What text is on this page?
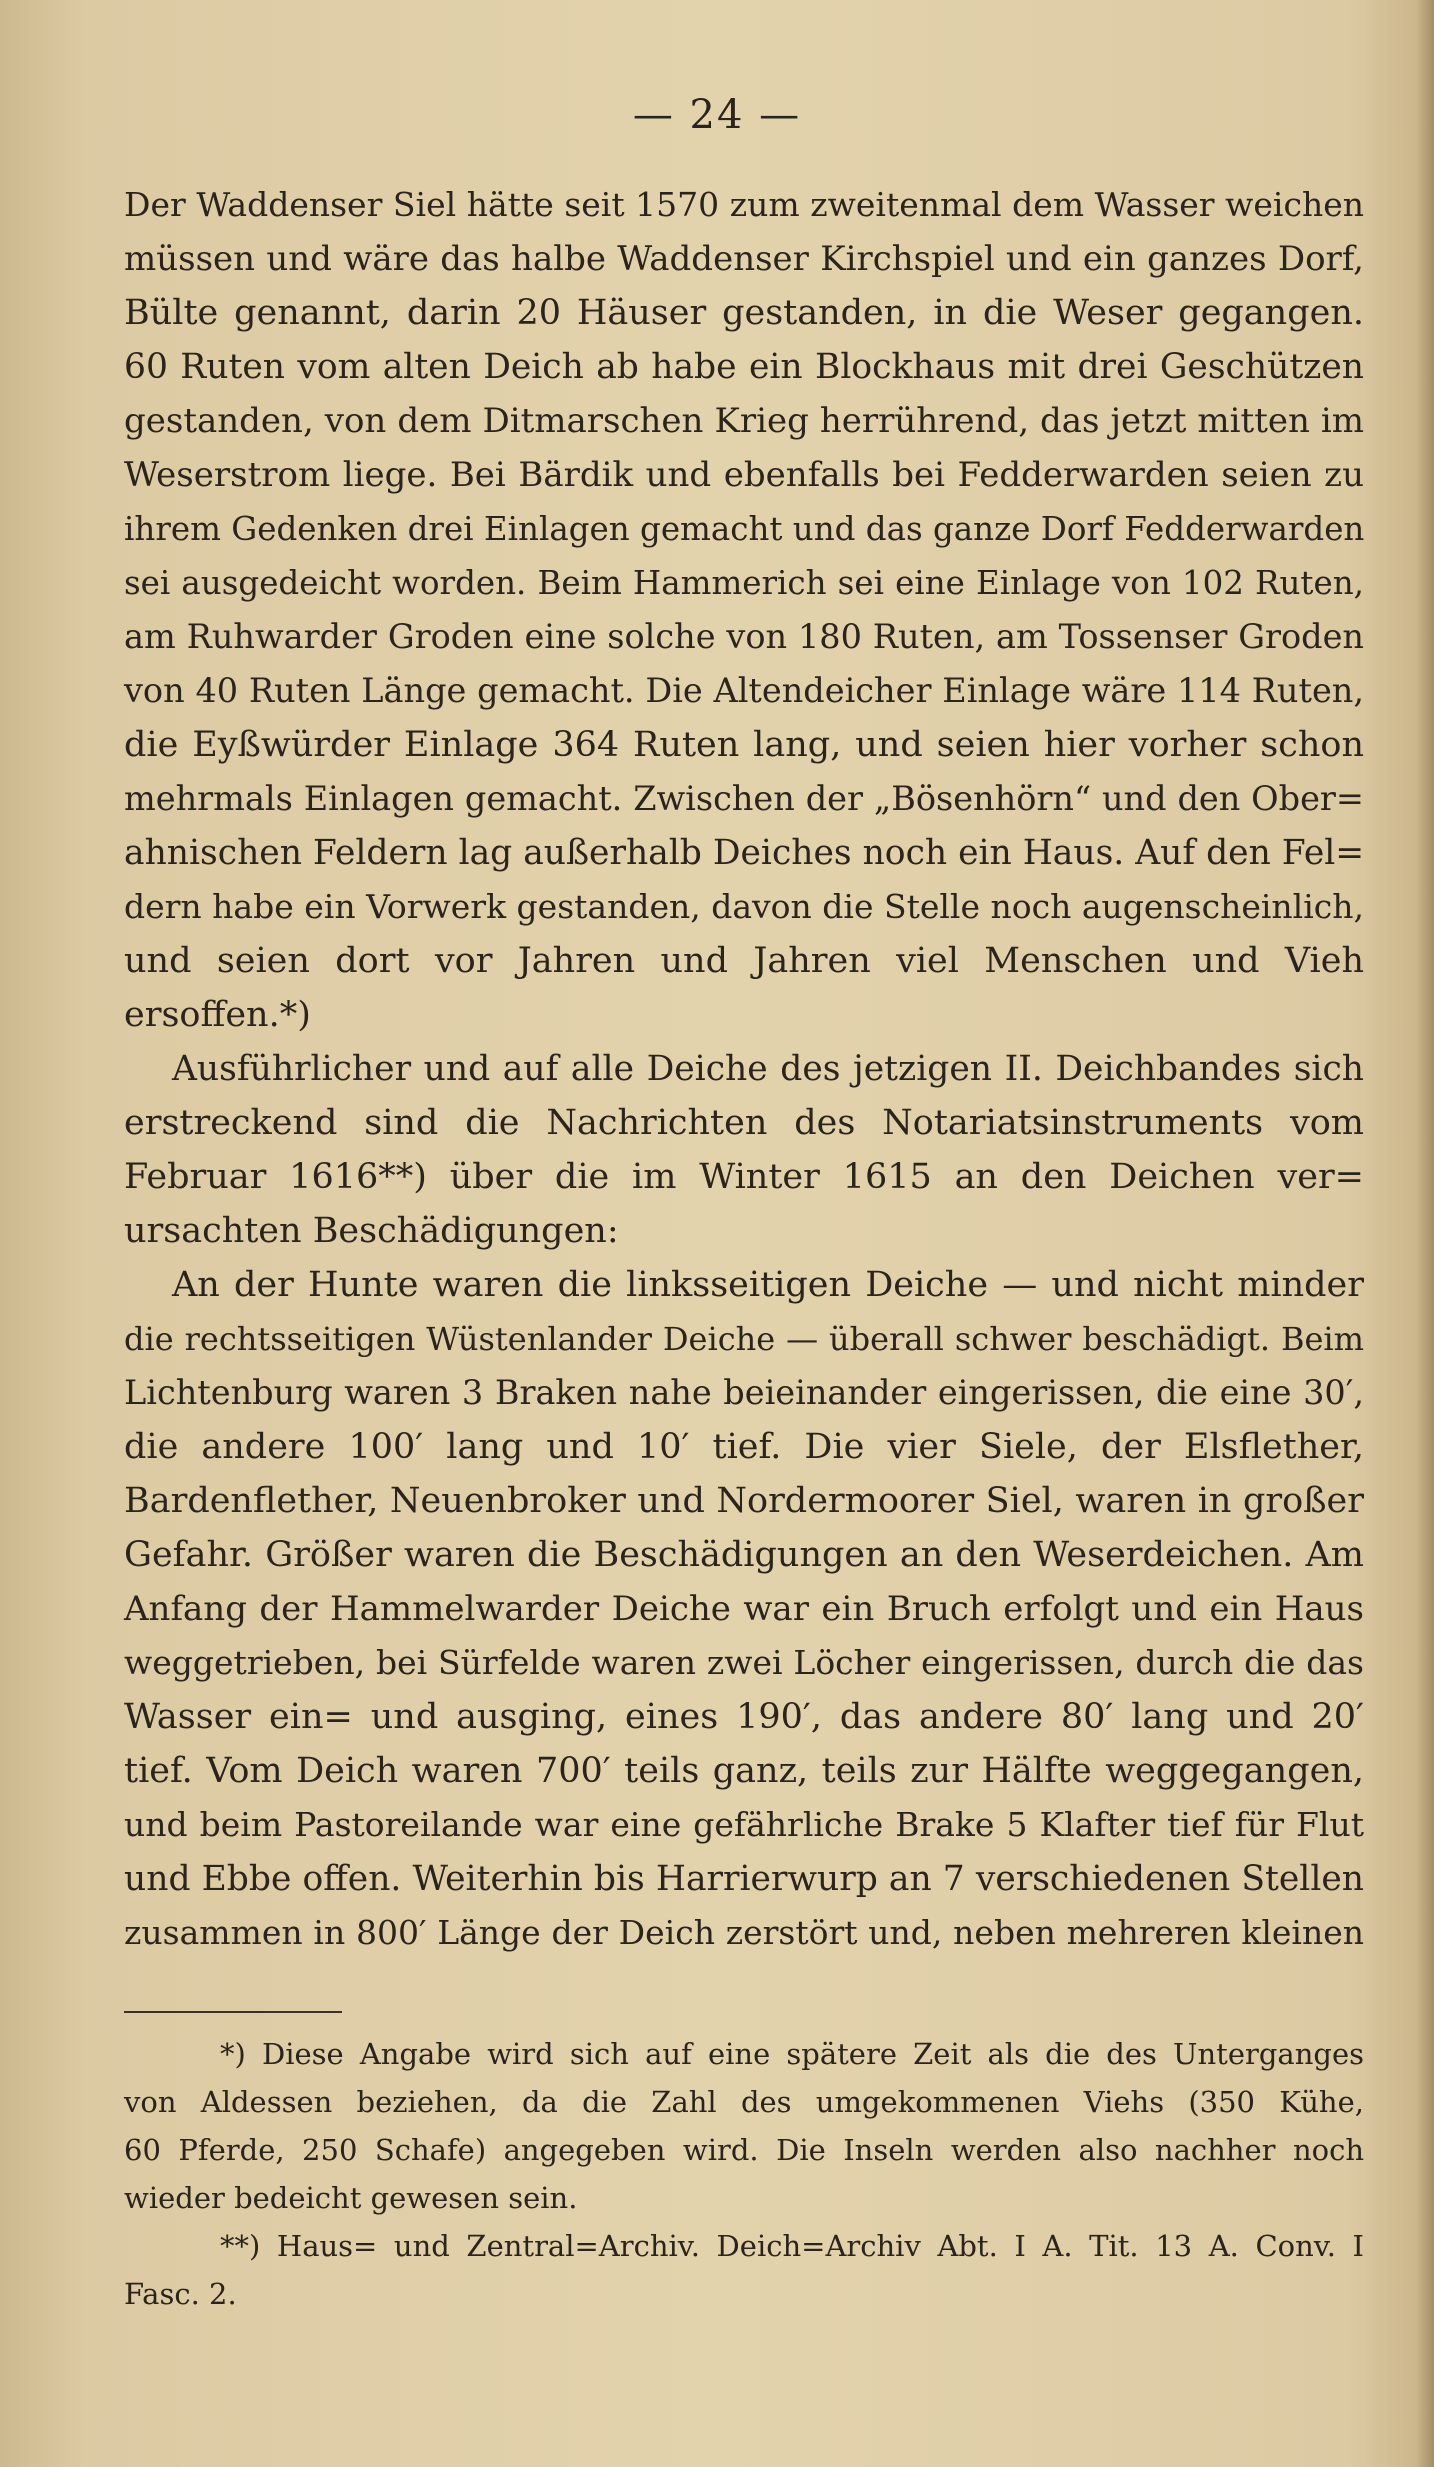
— 24 —
Der Waddenser Siel hätte seit 1570 zum zweitenmal dem Wasser weichen
müssen und wäre das halbe Waddenser Kirchspiel und ein ganzes Dorf,
Bülte genannt, darin 20 Häuser gestanden, in die Weser gegangen.
60 Ruten vom alten Deich ab habe ein Blockhaus mit drei Geschützen
gestanden, von dem Ditmarschen Krieg herrührend, das jetzt mitten im
Weserstrom liege. Bei Bärdik und ebenfalls bei Fedderwarden seien zu
ihrem Gedenken drei Einlagen gemacht und das ganze Dorf Fedderwarden
sei ausgedeicht worden. Beim Hammerich sei eine Einlage von 102 Ruten,
am Ruhwarder Groden eine solche von 180 Ruten, am Tossenser Groden
von 40 Ruten Länge gemacht. Die Altendeicher Einlage wäre 114 Ruten,
die Eyßwürder Einlage 364 Ruten lang, und seien hier vorher schon
mehrmals Einlagen gemacht. Zwischen der „Bösenhörn“ und den Ober=
ahnischen Feldern lag außerhalb Deiches noch ein Haus. Auf den Fel=
dern habe ein Vorwerk gestanden, davon die Stelle noch augenscheinlich,
und seien dort vor Jahren und Jahren viel Menschen und Vieh
ersoffen.*)
Ausführlicher und auf alle Deiche des jetzigen II. Deichbandes sich
erstreckend sind die Nachrichten des Notariatsinstruments vom
Februar 1616**) über die im Winter 1615 an den Deichen ver=
ursachten Beschädigungen:
An der Hunte waren die linksseitigen Deiche — und nicht minder
die rechtsseitigen Wüstenlander Deiche — überall schwer beschädigt. Beim
Lichtenburg waren 3 Braken nahe beieinander eingerissen, die eine 30′,
die andere 100′ lang und 10′ tief. Die vier Siele, der Elsflether,
Bardenflether, Neuenbroker und Nordermoorer Siel, waren in großer
Gefahr. Größer waren die Beschädigungen an den Weserdeichen. Am
Anfang der Hammelwarder Deiche war ein Bruch erfolgt und ein Haus
weggetrieben, bei Sürfelde waren zwei Löcher eingerissen, durch die das
Wasser ein= und ausging, eines 190′, das andere 80′ lang und 20′
tief. Vom Deich waren 700′ teils ganz, teils zur Hälfte weggegangen,
und beim Pastoreilande war eine gefährliche Brake 5 Klafter tief für Flut
und Ebbe offen. Weiterhin bis Harrierwurp an 7 verschiedenen Stellen
zusammen in 800′ Länge der Deich zerstört und, neben mehreren kleinen
*) Diese Angabe wird sich auf eine spätere Zeit als die des Unterganges
von Aldessen beziehen, da die Zahl des umgekommenen Viehs (350 Kühe,
60 Pferde, 250 Schafe) angegeben wird. Die Inseln werden also nachher noch
wieder bedeicht gewesen sein.
**) Haus= und Zentral=Archiv. Deich=Archiv Abt. I A. Tit. 13 A. Conv. I
Fasc. 2.
